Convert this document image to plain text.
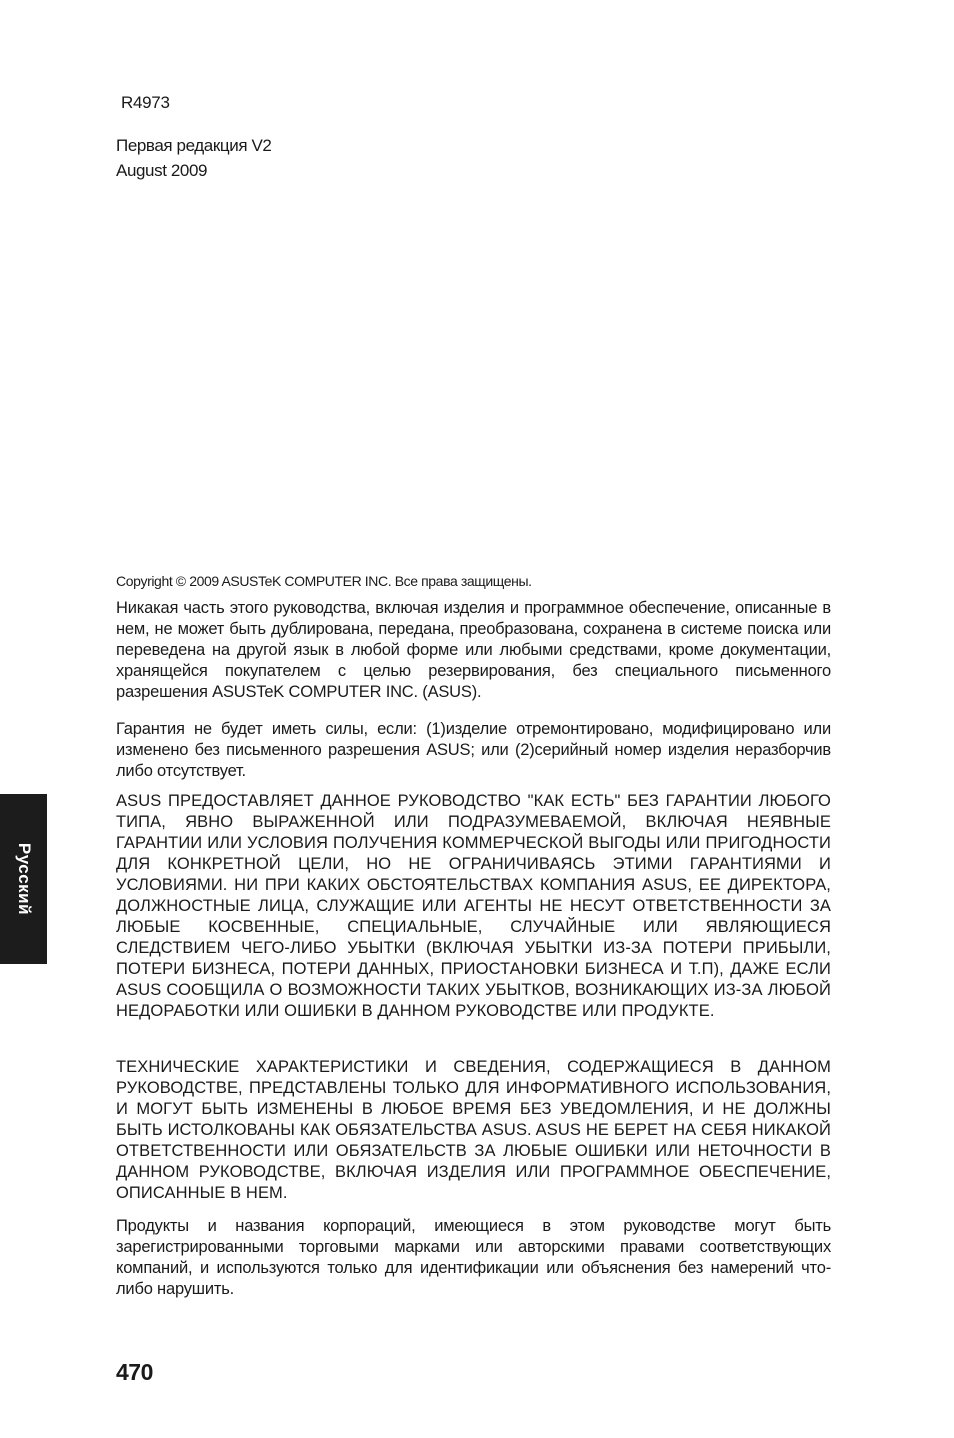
R4973
Первая редакция V2
August 2009
Русский
Copyright © 2009 ASUSTeK COMPUTER INC. Все права защищены.
Никакая часть этого руководства, включая изделия и программное обеспечение, описанные в нем, не может быть дублирована, передана, преобразована, сохранена в системе поиска или переведена на другой язык в любой форме или любыми средствами, кроме документации, хранящейся покупателем с целью резервирования, без специального письменного разрешения ASUSTeK COMPUTER INC. (ASUS).
Гарантия не будет иметь силы, если: (1)изделие отремонтировано, модифицировано или изменено без письменного разрешения ASUS; или (2)серийный номер изделия неразборчив либо отсутствует.
ASUS ПРЕДОСТАВЛЯЕТ ДАННОЕ РУКОВОДСТВО "КАК ЕСТЬ" БЕЗ ГАРАНТИИ ЛЮБОГО ТИПА, ЯВНО ВЫРАЖЕННОЙ ИЛИ ПОДРАЗУМЕВАЕМОЙ, ВКЛЮЧАЯ НЕЯВНЫЕ ГАРАНТИИ ИЛИ УСЛОВИЯ ПОЛУЧЕНИЯ КОММЕРЧЕСКОЙ ВЫГОДЫ ИЛИ ПРИГОДНОСТИ ДЛЯ КОНКРЕТНОЙ ЦЕЛИ, НО НЕ ОГРАНИЧИВАЯСЬ ЭТИМИ ГАРАНТИЯМИ И УСЛОВИЯМИ. НИ ПРИ КАКИХ ОБСТОЯТЕЛЬСТВАХ КОМПАНИЯ ASUS, ЕЕ ДИРЕКТОРА, ДОЛЖНОСТНЫЕ ЛИЦА, СЛУЖАЩИЕ ИЛИ АГЕНТЫ НЕ НЕСУТ ОТВЕТСТВЕННОСТИ ЗА ЛЮБЫЕ КОСВЕННЫЕ, СПЕЦИАЛЬНЫЕ, СЛУЧАЙНЫЕ ИЛИ ЯВЛЯЮЩИЕСЯ СЛЕДСТВИЕМ ЧЕГО-ЛИБО УБЫТКИ (ВКЛЮЧАЯ УБЫТКИ ИЗ-ЗА ПОТЕРИ ПРИБЫЛИ, ПОТЕРИ БИЗНЕСА, ПОТЕРИ ДАННЫХ, ПРИОСТАНОВКИ БИЗНЕСА И Т.П), ДАЖЕ ЕСЛИ ASUS СООБЩИЛА О ВОЗМОЖНОСТИ ТАКИХ УБЫТКОВ, ВОЗНИКАЮЩИХ ИЗ-ЗА ЛЮБОЙ НЕДОРАБОТКИ ИЛИ ОШИБКИ В ДАННОМ РУКОВОДСТВЕ ИЛИ ПРОДУКТЕ.
ТЕХНИЧЕСКИЕ ХАРАКТЕРИСТИКИ И СВЕДЕНИЯ, СОДЕРЖАЩИЕСЯ В ДАННОМ РУКОВОДСТВЕ, ПРЕДСТАВЛЕНЫ ТОЛЬКО ДЛЯ ИНФОРМАТИВНОГО ИСПОЛЬЗОВАНИЯ, И МОГУТ БЫТЬ ИЗМЕНЕНЫ В ЛЮБОЕ ВРЕМЯ БЕЗ УВЕДОМЛЕНИЯ, И НЕ ДОЛЖНЫ БЫТЬ ИСТОЛКОВАНЫ КАК ОБЯЗАТЕЛЬСТВА ASUS. ASUS НЕ БЕРЕТ НА СЕБЯ НИКАКОЙ ОТВЕТСТВЕННОСТИ ИЛИ ОБЯЗАТЕЛЬСТВ ЗА ЛЮБЫЕ ОШИБКИ ИЛИ НЕТОЧНОСТИ В ДАННОМ РУКОВОДСТВЕ, ВКЛЮЧАЯ ИЗДЕЛИЯ ИЛИ ПРОГРАММНОЕ ОБЕСПЕЧЕНИЕ, ОПИСАННЫЕ В НЕМ.
Продукты и названия корпораций, имеющиеся в этом руководстве могут быть зарегистрированными торговыми марками или авторскими правами соответствующих компаний, и используются только для идентификации или объяснения без намерений что-либо нарушить.
470
